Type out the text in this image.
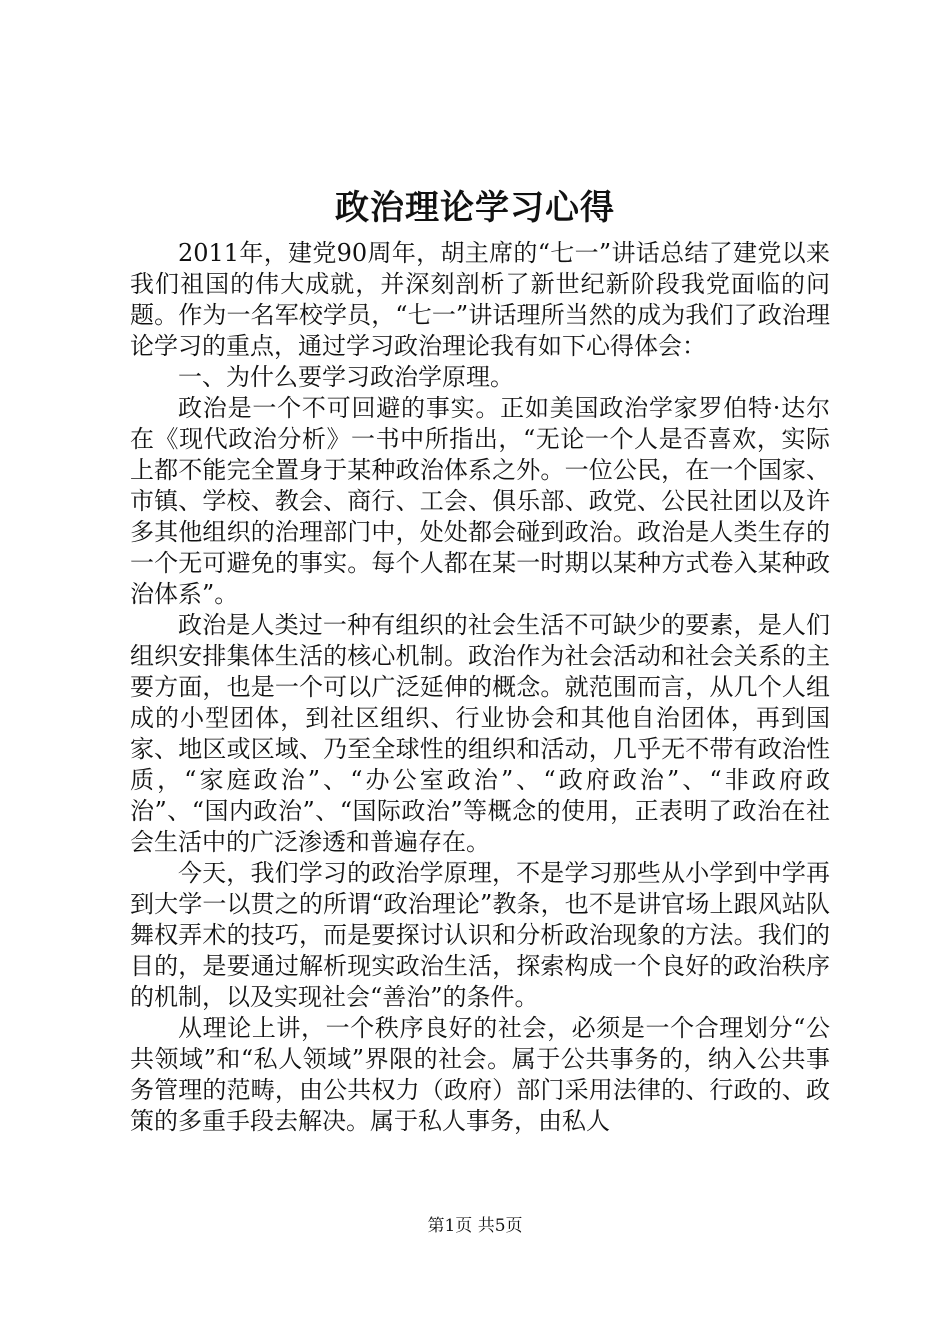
政治理论学习心得

2011年，建党90周年，胡主席的“七一”讲话总结了建党以来我们祖国的伟大成就，并深刻剖析了新世纪新阶段我党面临的问题。作为一名军校学员，“七一”讲话理所当然的成为我们了政治理论学习的重点，通过学习政治理论我有如下心得体会：

一、为什么要学习政治学原理。

政治是一个不可回避的事实。正如美国政治学家罗伯特·达尔在《现代政治分析》一书中所指出，“无论一个人是否喜欢，实际上都不能完全置身于某种政治体系之外。一位公民，在一个国家、市镇、学校、教会、商行、工会、俱乐部、政党、公民社团以及许多其他组织的治理部门中，处处都会碰到政治。政治是人类生存的一个无可避免的事实。每个人都在某一时期以某种方式卷入某种政治体系”。

政治是人类过一种有组织的社会生活不可缺少的要素，是人们组织安排集体生活的核心机制。政治作为社会活动和社会关系的主要方面，也是一个可以广泛延伸的概念。就范围而言，从几个人组成的小型团体，到社区组织、行业协会和其他自治团体，再到国家、地区或区域、乃至全球性的组织和活动，几乎无不带有政治性质，“家庭政治”、“办公室政治”、“政府政治”、“非政府政治”、“国内政治”、“国际政治”等概念的使用，正表明了政治在社会生活中的广泛渗透和普遍存在。

今天，我们学习的政治学原理，不是学习那些从小学到中学再到大学一以贯之的所谓“政治理论”教条，也不是讲官场上跟风站队舞权弄术的技巧，而是要探讨认识和分析政治现象的方法。我们的目的，是要通过解析现实政治生活，探索构成一个良好的政治秩序的机制，以及实现社会“善治”的条件。

从理论上讲，一个秩序良好的社会，必须是一个合理划分“公共领域”和“私人领域”界限的社会。属于公共事务的，纳入公共事务管理的范畴，由公共权力（政府）部门采用法律的、行政的、政策的多重手段去解决。属于私人事务，由私人

第1页 共5页
